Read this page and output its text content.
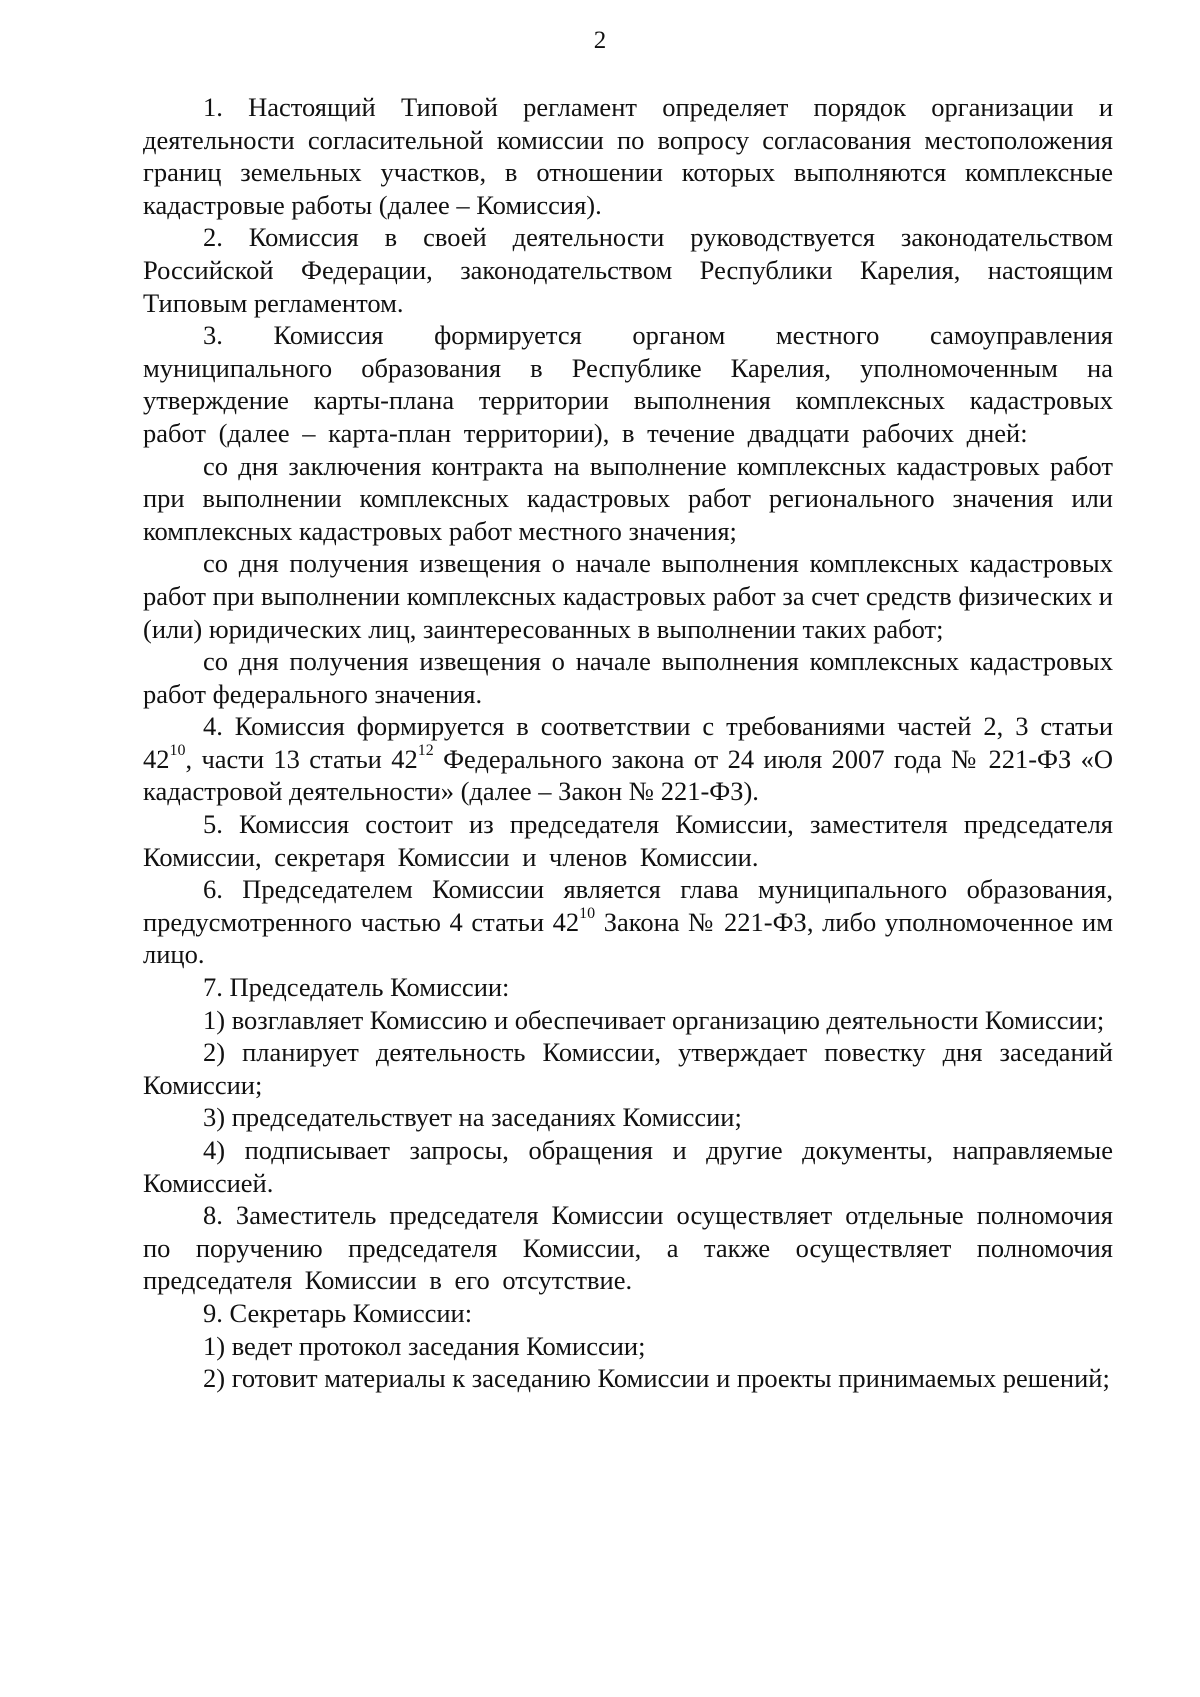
2

1. Настоящий Типовой регламент определяет порядок организации и деятельности согласительной комиссии по вопросу согласования местоположения границ земельных участков, в отношении которых выполняются комплексные кадастровые работы (далее – Комиссия).

2. Комиссия в своей деятельности руководствуется законодательством Российской Федерации, законодательством Республики Карелия, настоящим Типовым регламентом.

3. Комиссия формируется органом местного самоуправления муниципального образования в Республике Карелия, уполномоченным на утверждение карты-плана территории выполнения комплексных кадастровых работ (далее – карта-план территории), в течение двадцати рабочих дней:

со дня заключения контракта на выполнение комплексных кадастровых работ при выполнении комплексных кадастровых работ регионального значения или комплексных кадастровых работ местного значения;

со дня получения извещения о начале выполнения комплексных кадастровых работ при выполнении комплексных кадастровых работ за счет средств физических и (или) юридических лиц, заинтересованных в выполнении таких работ;

со дня получения извещения о начале выполнения комплексных кадастровых работ федерального значения.

4. Комиссия формируется в соответствии с требованиями частей 2, 3 статьи $42^{10}$, части 13 статьи $42^{12}$ Федерального закона от 24 июля 2007 года № 221-ФЗ «О кадастровой деятельности» (далее – Закон № 221-ФЗ).

5. Комиссия состоит из председателя Комиссии, заместителя председателя Комиссии, секретаря Комиссии и членов Комиссии.

6. Председателем Комиссии является глава муниципального образования, предусмотренного частью 4 статьи $42^{10}$ Закона № 221-ФЗ, либо уполномоченное им лицо.

7. Председатель Комиссии:

1) возглавляет Комиссию и обеспечивает организацию деятельности Комиссии;

2) планирует деятельность Комиссии, утверждает повестку дня заседаний Комиссии;

3) председательствует на заседаниях Комиссии;

4) подписывает запросы, обращения и другие документы, направляемые Комиссией.

8. Заместитель председателя Комиссии осуществляет отдельные полномочия по поручению председателя Комиссии, а также осуществляет полномочия председателя Комиссии в его отсутствие.

9. Секретарь Комиссии:

1) ведет протокол заседания Комиссии;

2) готовит материалы к заседанию Комиссии и проекты принимаемых решений;
